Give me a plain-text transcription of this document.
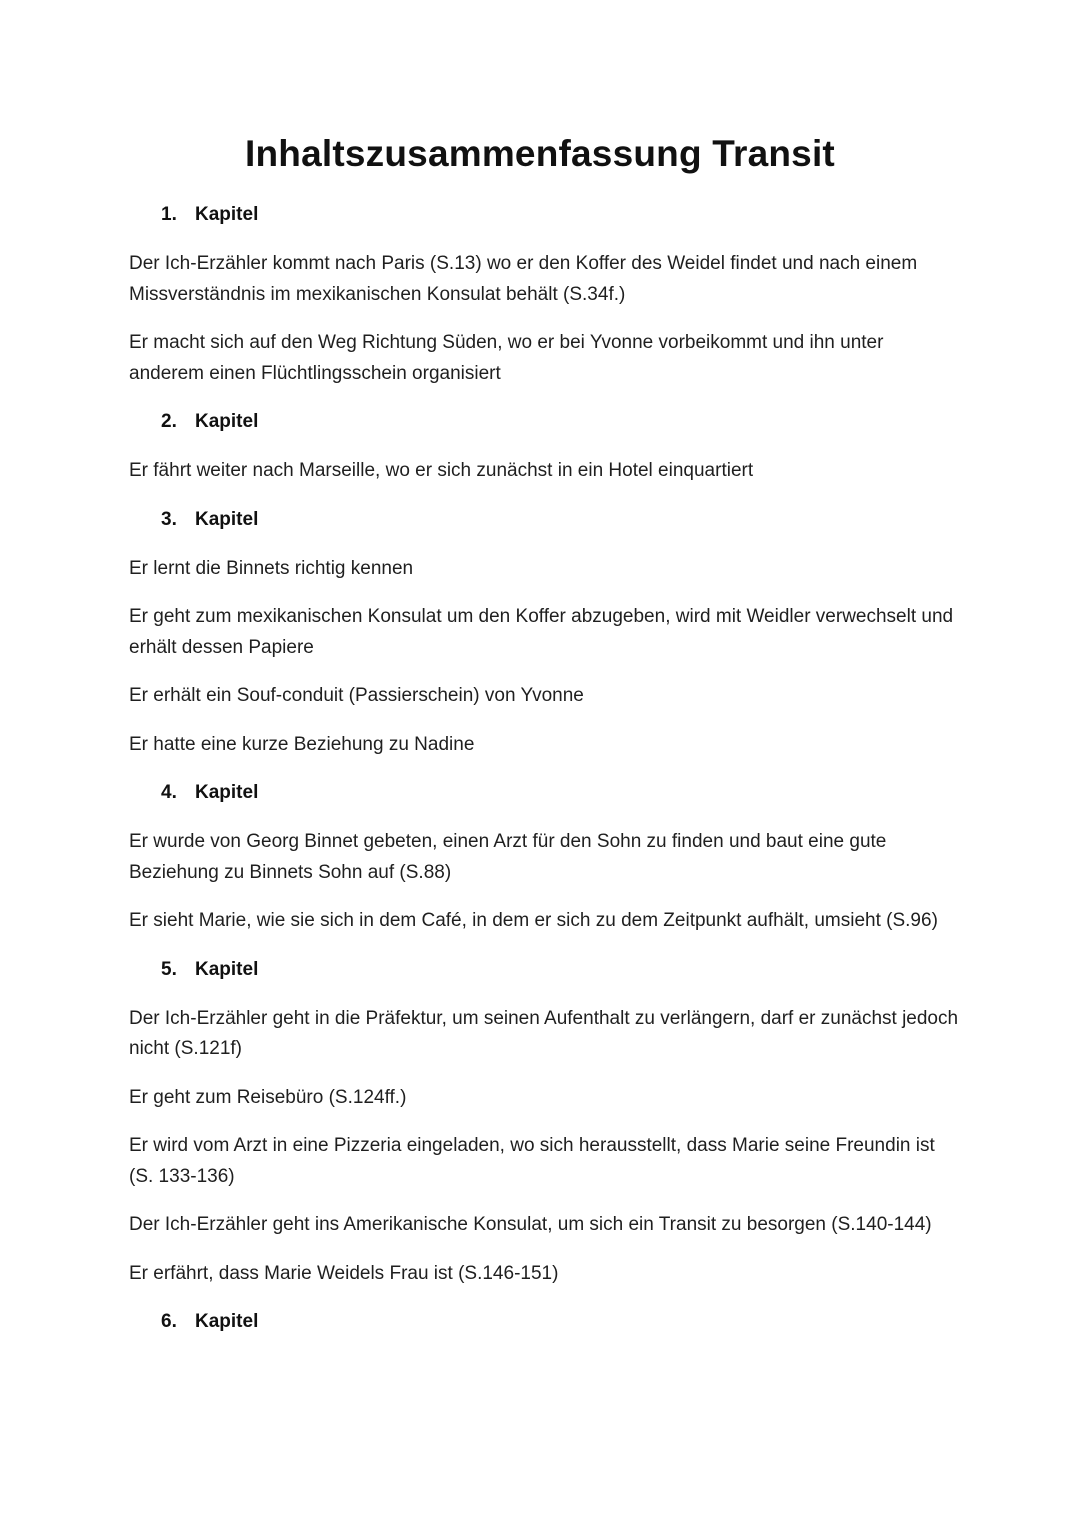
Inhaltszusammenfassung Transit
1. Kapitel

Der Ich-Erzähler kommt nach Paris (S.13) wo er den Koffer des Weidel findet und nach einem Missverständnis im mexikanischen Konsulat behält (S.34f.)

Er macht sich auf den Weg Richtung Süden, wo er bei Yvonne vorbeikommt und ihn unter anderem einen Flüchtlingsschein organisiert

2. Kapitel

Er fährt weiter nach Marseille, wo er sich zunächst in ein Hotel einquartiert

3. Kapitel

Er lernt die Binnets richtig kennen

Er geht zum mexikanischen Konsulat um den Koffer abzugeben, wird mit Weidler verwechselt und erhält dessen Papiere

Er erhält ein Souf-conduit (Passierschein) von Yvonne

Er hatte eine kurze Beziehung zu Nadine

4. Kapitel

Er wurde von Georg Binnet gebeten, einen Arzt für den Sohn zu finden und baut eine gute Beziehung zu Binnets Sohn auf (S.88)

Er sieht Marie, wie sie sich in dem Café, in dem er sich zu dem Zeitpunkt aufhält, umsieht (S.96)

5. Kapitel

Der Ich-Erzähler geht in die Präfektur, um seinen Aufenthalt zu verlängern, darf er zunächst jedoch nicht (S.121f)

Er geht zum Reisebüro (S.124ff.)

Er wird vom Arzt in eine Pizzeria eingeladen, wo sich herausstellt, dass Marie seine Freundin ist (S. 133-136)

Der Ich-Erzähler geht ins Amerikanische Konsulat, um sich ein Transit zu besorgen (S.140-144)

Er erfährt, dass Marie Weidels Frau ist (S.146-151)

6. Kapitel
